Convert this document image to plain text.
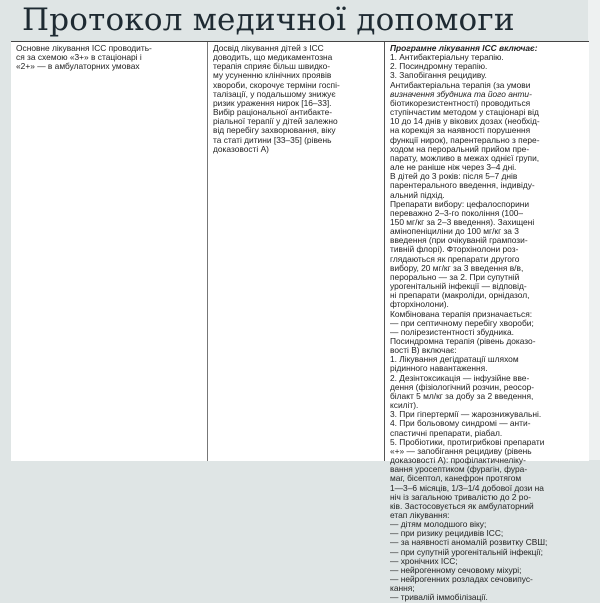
Протокол медичної допомоги
Основне лікування ІСС проводить-
ся за схемою «3+» в стаціонарі і
«2+» — в амбулаторних умовах
Досвід лікування дітей з ІСС
доводить, що медикаментозна
терапія сприяє більш швидко-
му усуненню клінічних проявів
хвороби, скорочує терміни госпі-
талізації, у подальшому знижує
ризик ураження нирок [16–33].
Вибір раціональної антибакте-
ріальної терапії у дітей залежно
від перебігу захворювання, віку
та статі дитини [33–35] (рівень
доказовості А)
Програмне лікування ІСС включає:
1. Антибактеріальну терапію.
2. Посиндромну терапію.
3. Запобігання рецидиву.
Антибактеріальна терапія (за умови
визначення збудника та його анти-
біотикорезистентності) проводиться
ступінчастим методом у стаціонарі від
10 до 14 днів у вікових дозах (необхід-
на корекція за наявності порушення
функції нирок), парентерально з пере-
ходом на пероральний прийом пре-
парату, можливо в межах однієї групи,
але не раніше ніж через 3–4 дні.
В дітей до 3 років: після 5–7 днів
парентерального введення, індивіду-
альний підхід.
Препарати вибору: цефалоспорини
переважно 2–3-го покоління (100–
150 мг/кг за 2–3 введення). Захищені
амінопеніциліни до 100 мг/кг за 3
введення (при очікуваній грампози-
тивній флорі). Фторхінолони роз-
глядаються як препарати другого
вибору, 20 мг/кг за 3 введення в/в,
перорально — за 2. При супутній
урогенітальній інфекції — відповід-
ні препарати (макроліди, орнідазол,
фторхінолони).
Комбінована терапія призначається:
— при септичному перебігу хвороби;
— полірезистентності збудника.
Посиндромна терапія (рівень доказо-
вості В) включає:
1. Лікування дегідратації шляхом
рідинного навантаження.
2. Дезінтоксикація — інфузійне вве-
дення (фізіологічний розчин, реосор-
білакт 5 мл/кг за добу за 2 введення,
ксиліт).
3. При гіпертермії — жарознижувальні.
4. При больовому синдромі — анти-
спастичні препарати, ріабал.
5. Пробіотики, протигрибкові препарати
«+» — запобігання рецидиву (рівень
доказовості А): профілактичнеліку-
вання уросептиком (фурагін, фура-
маг, бісептол, канефрон протягом
1—3–6 місяців, 1/3–1/4 добової дози на
ніч із загальною тривалістю до 2 ро-
ків. Застосовується як амбулаторний
етап лікування:
— дітям молодшого віку;
— при ризику рецидивів ІСС;
— за наявності аномалій розвитку СВШ;
— при супутній урогенітальній інфекції;
— хронічних ІСС;
— нейрогенному сечовому міхурі;
— нейрогенних розладах сечовипус-
кання;
— тривалій іммобілізації.
